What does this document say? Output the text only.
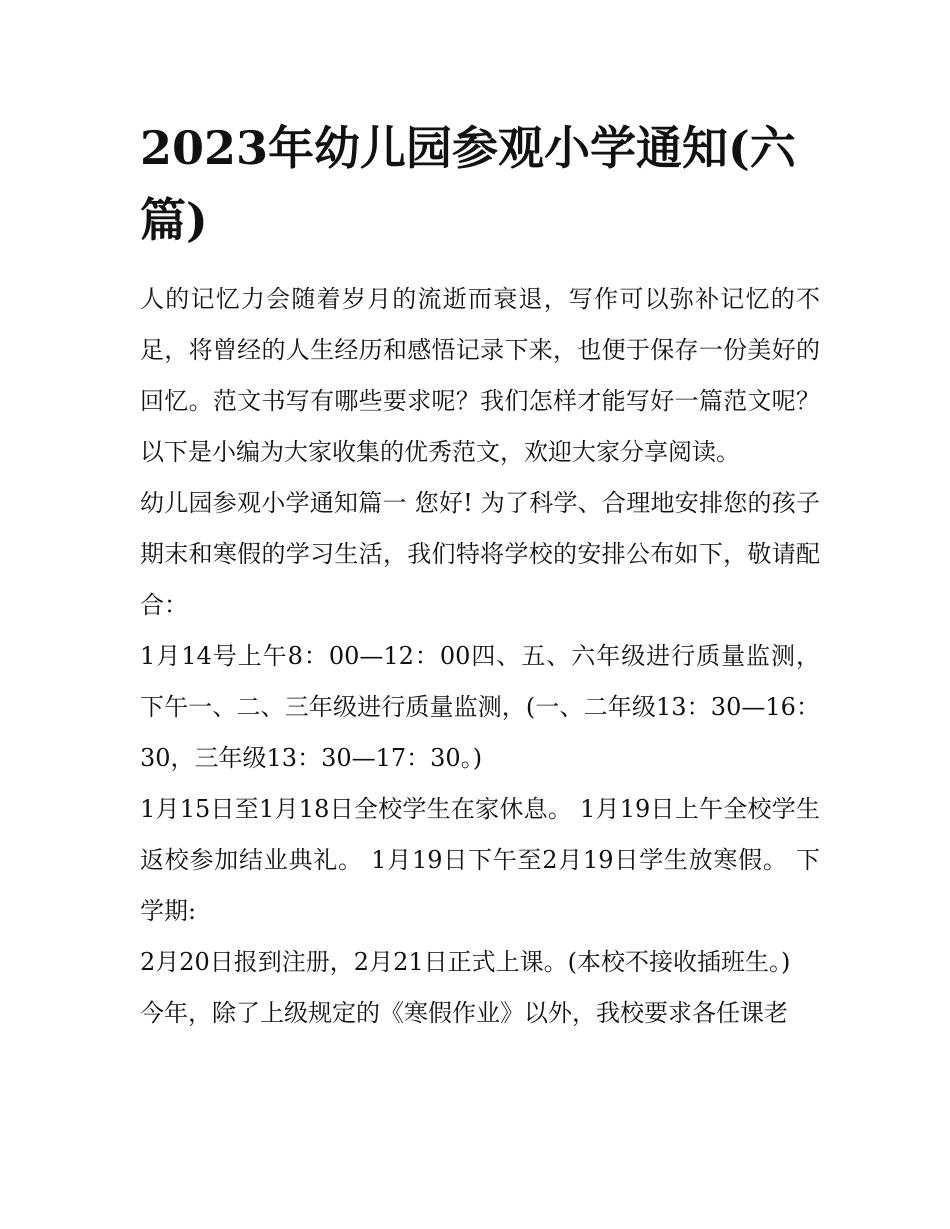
2023年幼儿园参观小学通知(六篇)

人的记忆力会随着岁月的流逝而衰退，写作可以弥补记忆的不足，将曾经的人生经历和感悟记录下来，也便于保存一份美好的回忆。范文书写有哪些要求呢？我们怎样才能写好一篇范文呢？以下是小编为大家收集的优秀范文，欢迎大家分享阅读。

幼儿园参观小学通知篇一 您好! 为了科学、合理地安排您的孩子期末和寒假的学习生活，我们特将学校的安排公布如下，敬请配合：

1月14号上午8：00—12：00四、五、六年级进行质量监测，下午一、二、三年级进行质量监测，(一、二年级13：30—16：30，三年级13：30—17：30。)

1月15日至1月18日全校学生在家休息。 1月19日上午全校学生返校参加结业典礼。 1月19日下午至2月19日学生放寒假。 下学期:

2月20日报到注册，2月21日正式上课。(本校不接收插班生。)

今年，除了上级规定的《寒假作业》以外，我校要求各任课老
